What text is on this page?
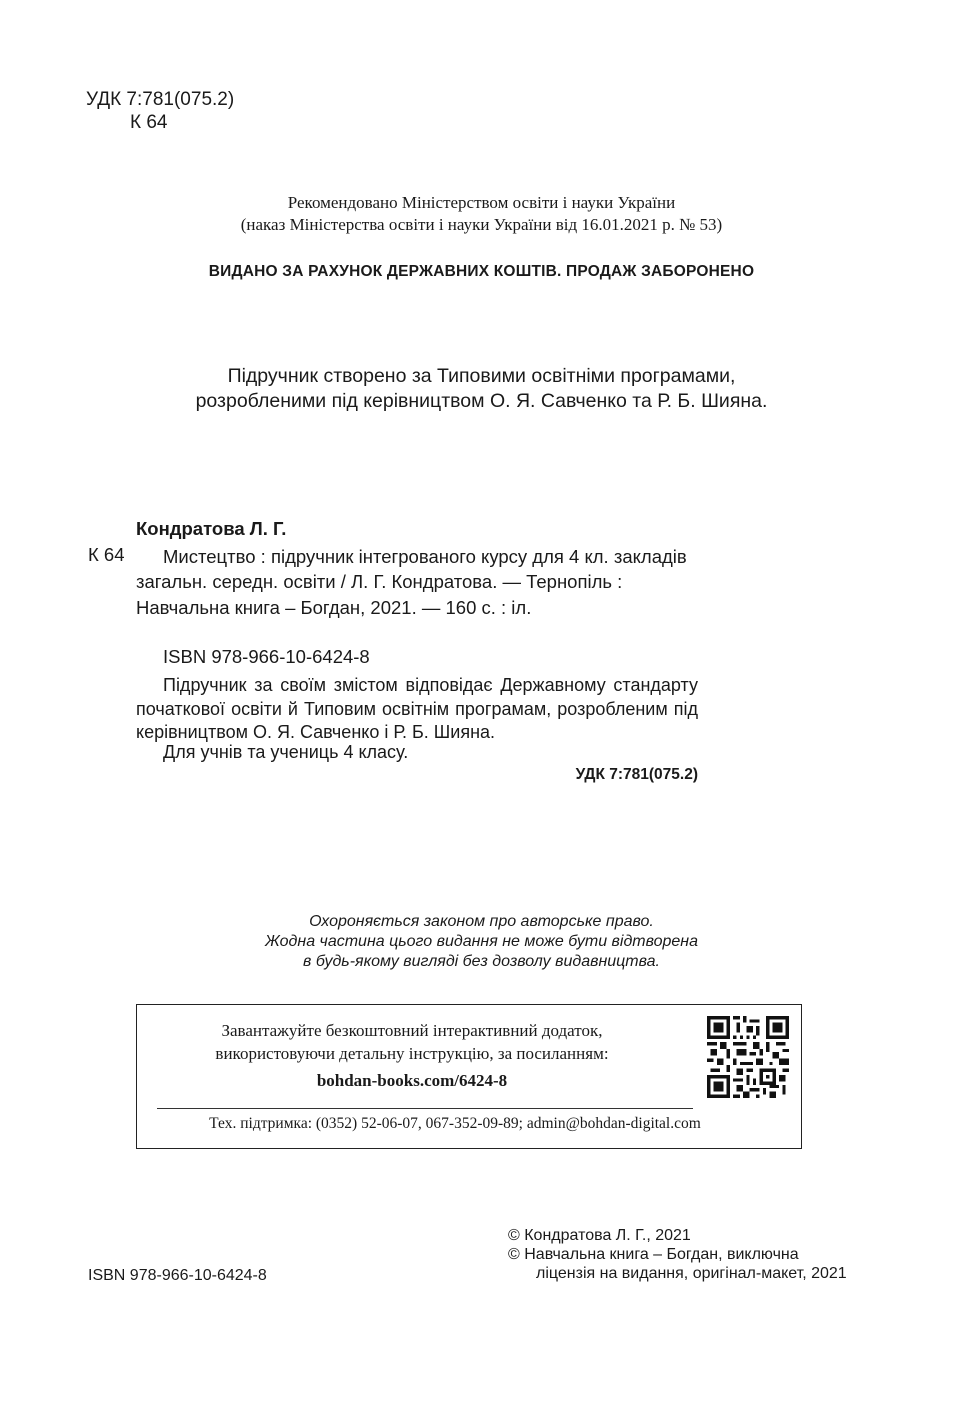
УДК 7:781(075.2)
К 64
Рекомендовано Міністерством освіти і науки України
(наказ Міністерства освіти і науки України від 16.01.2021 р. № 53)
ВИДАНО ЗА РАХУНОК ДЕРЖАВНИХ КОШТІВ. ПРОДАЖ ЗАБОРОНЕНО
Підручник створено за Типовими освітніми програмами,
розробленими під керівництвом О. Я. Савченко та Р. Б. Шияна.
Кондратова Л. Г.
К 64	Мистецтво : підручник інтегрованого курсу для 4 кл. закладів загальн. середн. освіти / Л. Г. Кондратова. — Тернопіль : Навчальна книга – Богдан, 2021. — 160 с. : іл.
ISBN 978-966-10-6424-8
Підручник за своїм змістом відповідає Державному стандарту початкової освіти й Типовим освітнім програмам, розробленим під керівництвом О. Я. Савченко і Р. Б. Шияна.
Для учнів та учениць 4 класу.
УДК 7:781(075.2)
Охороняється законом про авторське право.
Жодна частина цього видання не може бути відтворена
в будь-якому вигляді без дозволу видавництва.
Завантажуйте безкоштовний інтерактивний додаток,
використовуючи детальну інструкцію, за посиланням:
bohdan-books.com/6424-8
Тех. підтримка: (0352) 52-06-07, 067-352-09-89; admin@bohdan-digital.com
© Кондратова Л. Г., 2021
© Навчальна книга – Богдан, виключна
ліцензія на видання, оригінал-макет, 2021
ISBN 978-966-10-6424-8
